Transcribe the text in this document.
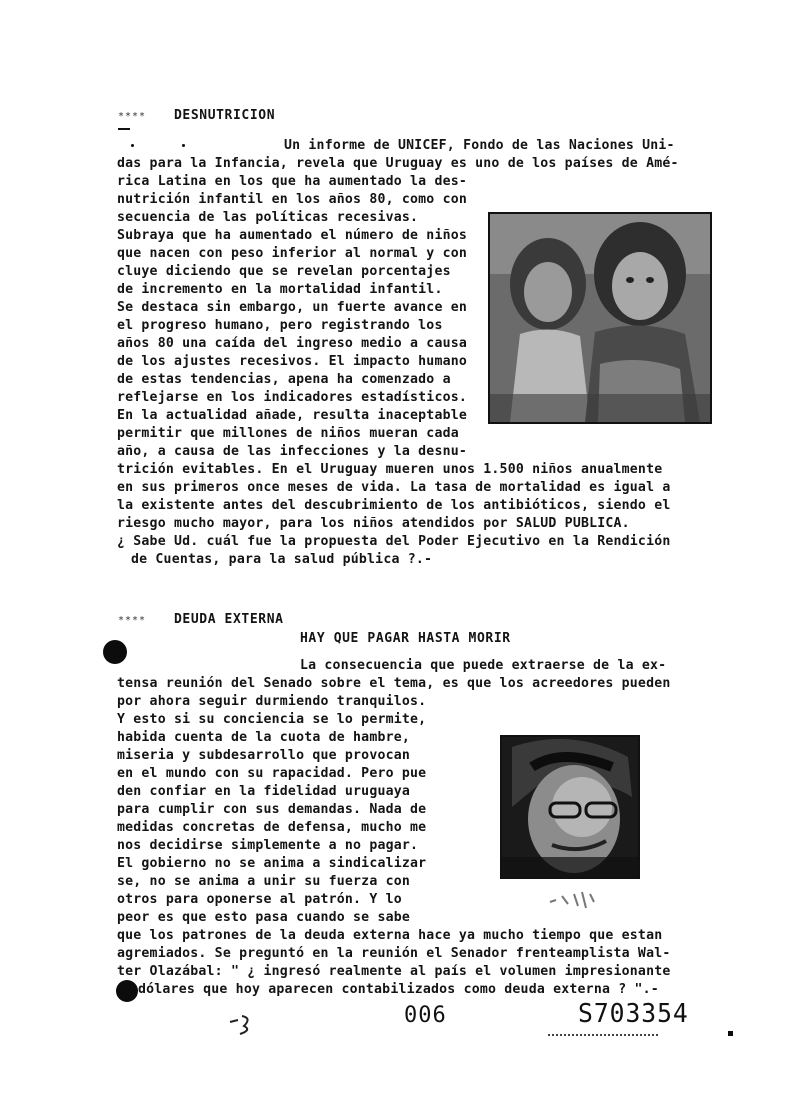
**** DESNUTRICION
Un informe de UNICEF, Fondo de las Naciones Uni-
das para la Infancia, revela que Uruguay es uno de los países de Amé-
rica Latina en los que ha aumentado la des-
nutrición infantil en los años 80, como con
secuencia de las políticas recesivas.
Subraya que ha aumentado el número de niños
que nacen con peso inferior al normal y con
cluye diciendo que se revelan porcentajes
de incremento en la mortalidad infantil.
Se destaca sin embargo, un fuerte avance en
el progreso humano, pero registrando los
años 80 una caída del ingreso medio a causa
de los ajustes recesivos. El impacto humano
de estas tendencias, apena ha comenzado a
reflejarse en los indicadores estadísticos.
En la actualidad añade, resulta inaceptable
permitir que millones de niños mueran cada
año, a causa de las infecciones y la desnu-
trición evitables. En el Uruguay mueren unos 1.500 niños anualmente
en sus primeros once meses de vida. La tasa de mortalidad es igual a
la existente antes del descubrimiento de los antibióticos, siendo el
riesgo mucho mayor, para los niños atendidos por SALUD PUBLICA.
¿ Sabe Ud. cuál fue la propuesta del Poder Ejecutivo en la Rendición
de Cuentas, para la salud pública ?.-
**** DEUDA EXTERNA
HAY QUE PAGAR HASTA MORIR
La consecuencia que puede extraerse de la ex-
tensa reunión del Senado sobre el tema, es que los acreedores pueden
por ahora seguir durmiendo tranquilos.
Y esto si su conciencia se lo permite,
habida cuenta de la cuota de hambre,
miseria y subdesarrollo que provocan
en el mundo con su rapacidad. Pero pue
den confiar en la fidelidad uruguaya
para cumplir con sus demandas. Nada de
medidas concretas de defensa, mucho me
nos decidirse simplemente a no pagar.
El gobierno no se anima a sindicalizar
se, no se anima a unir su fuerza con
otros para oponerse al patrón. Y lo
peor es que esto pasa cuando se sabe
que los patrones de la deuda externa hace ya mucho tiempo que estan
agremiados. Se preguntó en la reunión el Senador frenteamplista Wal-
ter Olazábal: " ¿ ingresó realmente al país el volumen impresionante
dólares que hoy aparecen contabilizados como deuda externa ? ".-
006	S703354
